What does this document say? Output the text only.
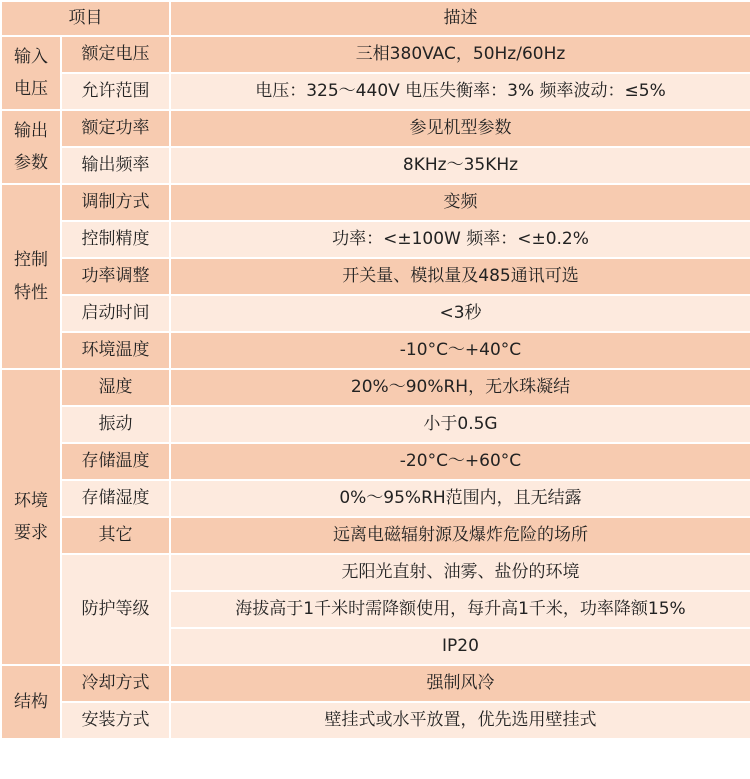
项目		描述

输入
电压	额定电压	三相380VAC，50Hz/60Hz
	允许范围	电压：325～440V 电压失衡率：3% 频率波动：≤5%

输出
参数	额定功率	参见机型参数
	输出频率	8KHz～35KHz

控制
特性	调制方式	变频
	控制精度	功率：<±100W 频率：<±0.2%
	功率调整	开关量、模拟量及485通讯可选
	启动时间	<3秒
	环境温度	-10°C～+40°C

环境
要求	湿度	20%～90%RH，无水珠凝结
	振动	小于0.5G
	存储温度	-20°C～+60°C
	存储湿度	0%～95%RH范围内，且无结露
	其它	远离电磁辐射源及爆炸危险的场所
	防护等级	无阳光直射、油雾、盐份的环境
		海拔高于1千米时需降额使用，每升高1千米，功率降额15%
		IP20

结构	冷却方式	强制风冷
	安装方式	壁挂式或水平放置，优先选用壁挂式
